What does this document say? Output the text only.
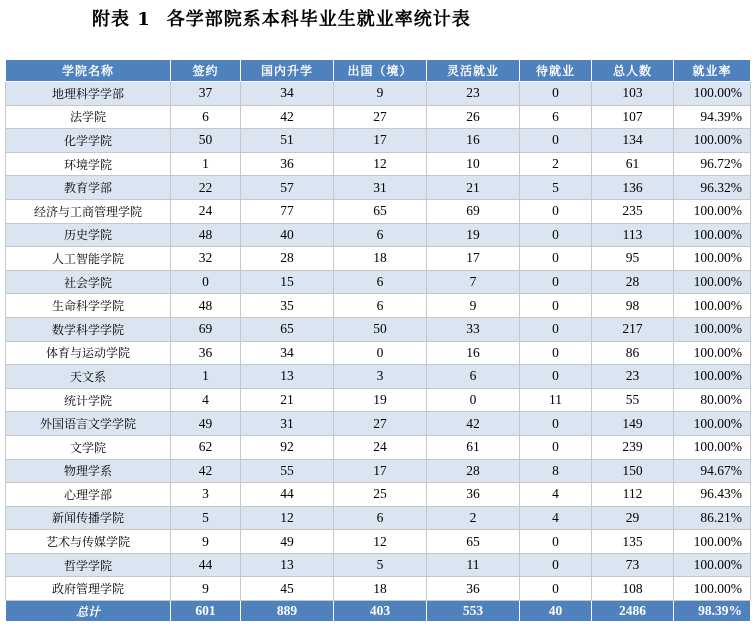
附表 1 各学部院系本科毕业生就业率统计表
学院名称	签约	国内升学	出国（境）	灵活就业	待就业	总人数	就业率
地理科学学部	37	34	9	23	0	103	100.00%
法学院	6	42	27	26	6	107	94.39%
化学学院	50	51	17	16	0	134	100.00%
环境学院	1	36	12	10	2	61	96.72%
教育学部	22	57	31	21	5	136	96.32%
经济与工商管理学院	24	77	65	69	0	235	100.00%
历史学院	48	40	6	19	0	113	100.00%
人工智能学院	32	28	18	17	0	95	100.00%
社会学院	0	15	6	7	0	28	100.00%
生命科学学院	48	35	6	9	0	98	100.00%
数学科学学院	69	65	50	33	0	217	100.00%
体育与运动学院	36	34	0	16	0	86	100.00%
天文系	1	13	3	6	0	23	100.00%
统计学院	4	21	19	0	11	55	80.00%
外国语言文学学院	49	31	27	42	0	149	100.00%
文学院	62	92	24	61	0	239	100.00%
物理学系	42	55	17	28	8	150	94.67%
心理学部	3	44	25	36	4	112	96.43%
新闻传播学院	5	12	6	2	4	29	86.21%
艺术与传媒学院	9	49	12	65	0	135	100.00%
哲学学院	44	13	5	11	0	73	100.00%
政府管理学院	9	45	18	36	0	108	100.00%
总计	601	889	403	553	40	2486	98.39%
